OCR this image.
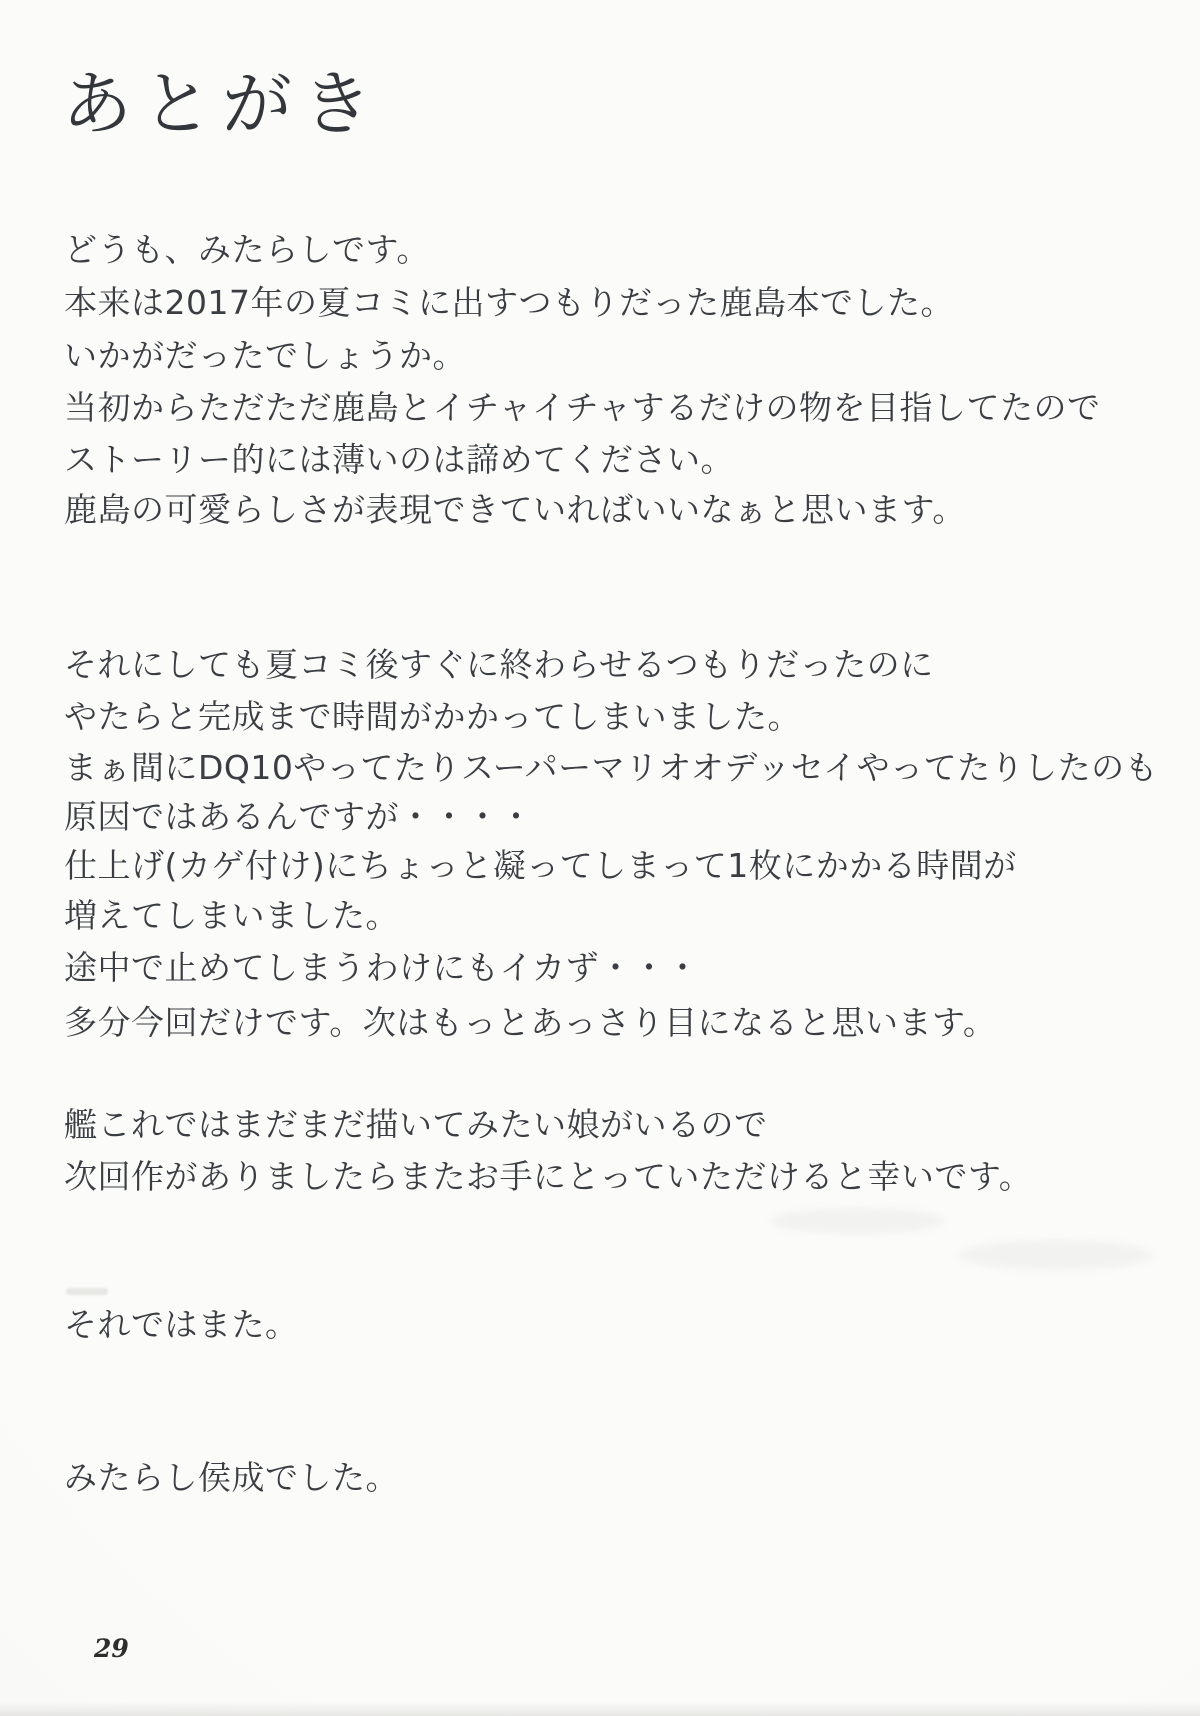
あとがき
どうも、みたらしです。
本来は2017年の夏コミに出すつもりだった鹿島本でした。
いかがだったでしょうか。
当初からただただ鹿島とイチャイチャするだけの物を目指してたので
ストーリー的には薄いのは諦めてください。
鹿島の可愛らしさが表現できていればいいなぁと思います。
それにしても夏コミ後すぐに終わらせるつもりだったのに
やたらと完成まで時間がかかってしまいました。
まぁ間にDQ10やってたりスーパーマリオオデッセイやってたりしたのも
原因ではあるんですが・・・・
仕上げ(カゲ付け)にちょっと凝ってしまって1枚にかかる時間が
増えてしまいました。
途中で止めてしまうわけにもイカず・・・
多分今回だけです。次はもっとあっさり目になると思います。
艦これではまだまだ描いてみたい娘がいるので
次回作がありましたらまたお手にとっていただけると幸いです。
それではまた。
みたらし侯成でした。
29
